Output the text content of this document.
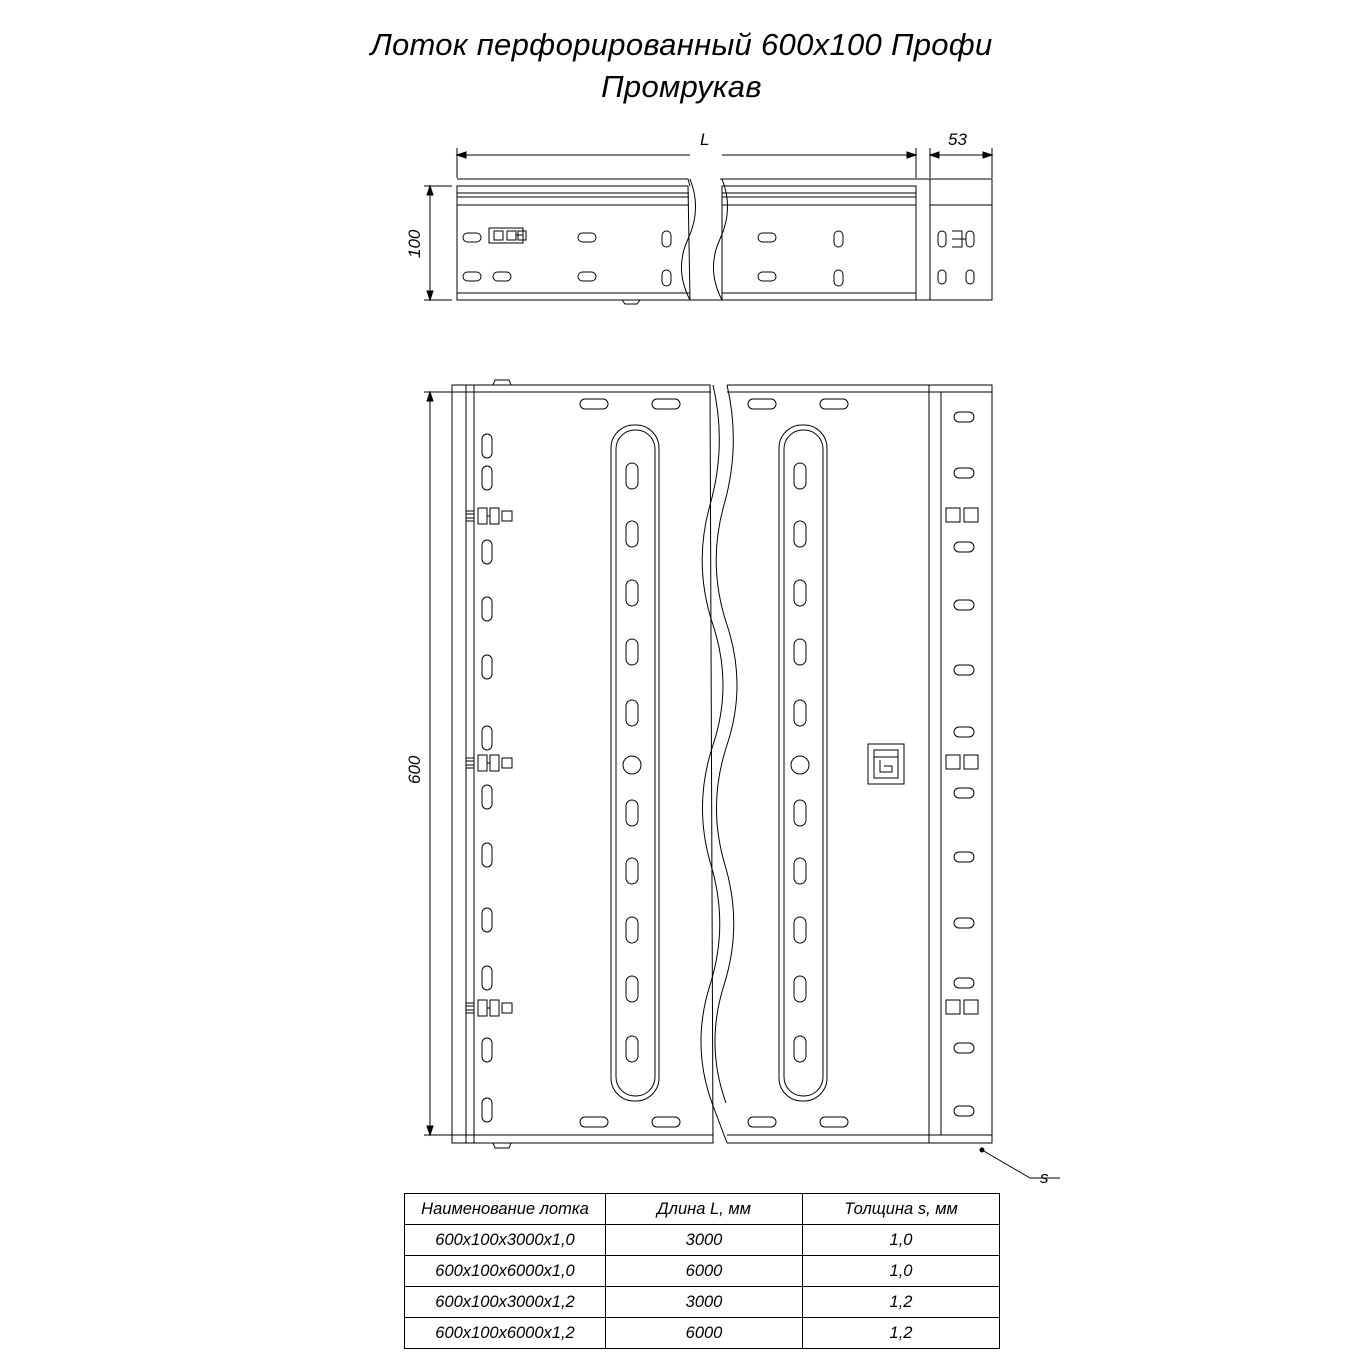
Лоток перфорированный 600х100 Профи
Промрукав
L	53
100
600
s
Наименование лотка	Длина L, мм	Толщина s, мм
600х100х3000х1,0	3000	1,0
600х100х6000х1,0	6000	1,0
600х100х3000х1,2	3000	1,2
600х100х6000х1,2	6000	1,2
